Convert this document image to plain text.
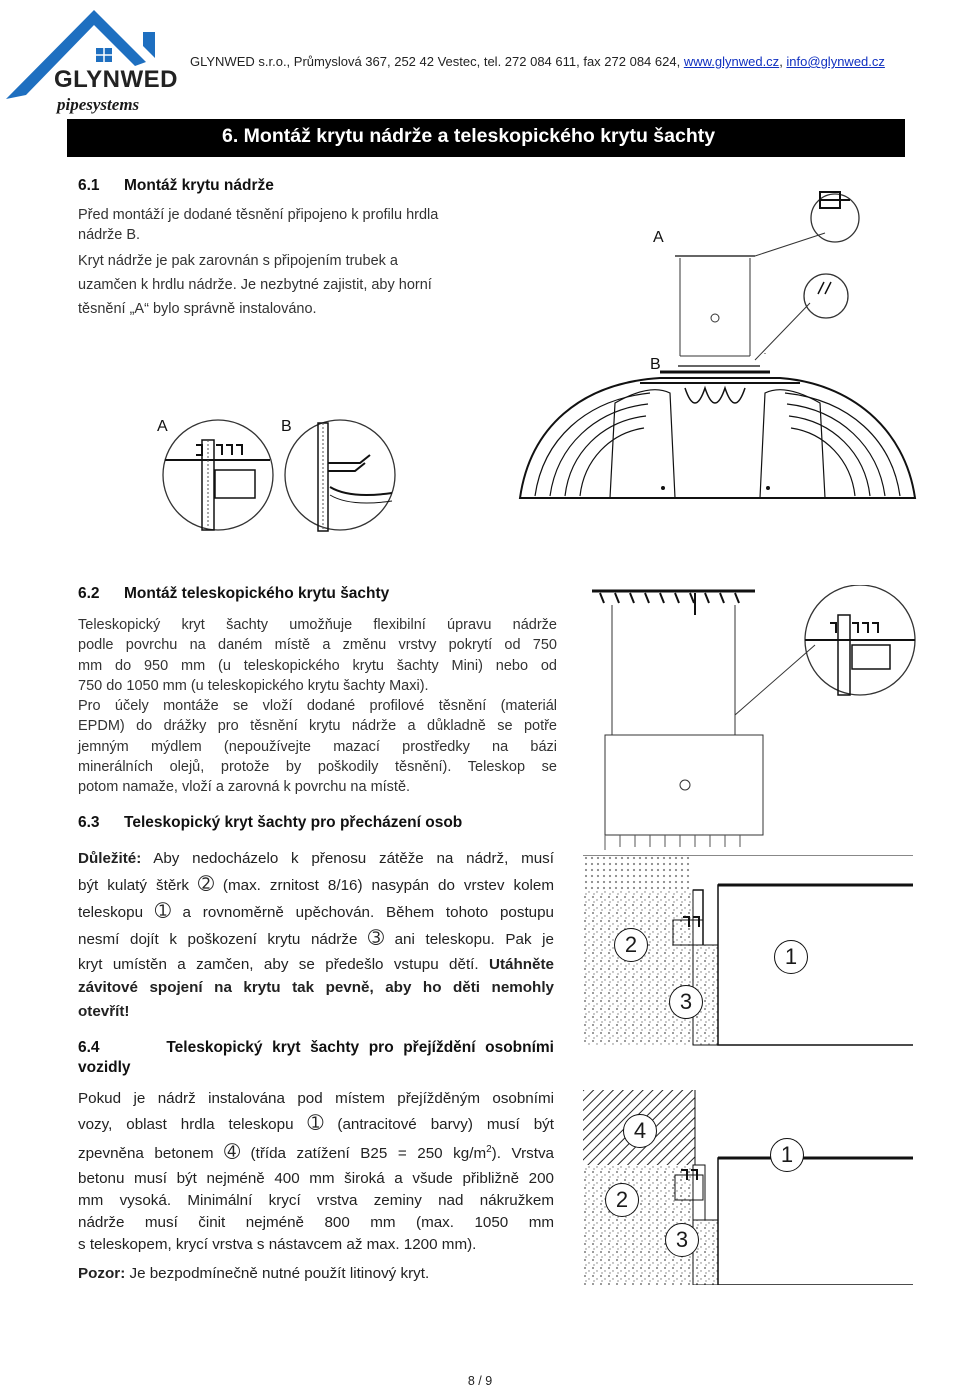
GLYNWED
pipesystems
GLYNWED s.r.o., Průmyslová 367, 252 42 Vestec, tel. 272 084 611, fax 272 084 624, www.glynwed.cz, info@glynwed.cz
6. Montáž krytu nádrže a teleskopického krytu šachty
6.1 Montáž krytu nádrže
Před montáží je dodané těsnění připojeno k profilu hrdla
nádrže B.
Kryt nádrže je pak zarovnán s připojením trubek a
uzamčen k hrdlu nádrže. Je nezbytné zajistit, aby horní
těsnění „A“ bylo správně instalováno.
A
B
A	B
6.2 Montáž teleskopického krytu šachty
Teleskopický kryt šachty umožňuje flexibilní úpravu nádrže
podle povrchu na daném místě a změnu vrstvy pokrytí od 750
mm do 950 mm (u teleskopického krytu šachty Mini) nebo od
750 do 1050 mm (u teleskopického krytu šachty Maxi).
Pro účely montáže se vloží dodané profilové těsnění (materiál
EPDM) do drážky pro těsnění krytu nádrže a důkladně se potře
jemným mýdlem (nepoužívejte mazací prostředky na bázi
minerálních olejů, protože by poškodily těsnění). Teleskop se
potom namaže, vloží a zarovná k povrchu na místě.
6.3 Teleskopický kryt šachty pro přecházení osob
Důležité: Aby nedocházelo k přenosu zátěže na nádrž, musí
být kulatý štěrk ➁ (max. zrnitost 8/16) nasypán do vrstev kolem
teleskopu ➀ a rovnoměrně upěchován. Během tohoto postupu
nesmí dojít k poškození krytu nádrže ➂ ani teleskopu. Pak je
kryt umístěn a zamčen, aby se předešlo vstupu dětí. Utáhněte
závitové spojení na krytu tak pevně, aby ho děti nemohly
otevřít!
2	1
3
6.4	Teleskopický kryt šachty pro přejíždění osobními
vozidly
Pokud je nádrž instalována pod místem přejížděným osobními
vozy, oblast hrdla teleskopu ➀ (antracitové barvy) musí být
zpevněna betonem ➃ (třída zatížení B25 = 250 $kg/m^2$). Vrstva
betonu musí být nejméně 400 mm široká a všude přibližně 200
mm vysoká. Minimální krycí vrstva zeminy nad nákružkem
nádrže musí činit nejméně 800 mm (max. 1050 mm
s teleskopem, krycí vrstva s nástavcem až max. 1200 mm).
4
1
2
3
Pozor: Je bezpodmínečně nutné použít litinový kryt.
8 / 9
